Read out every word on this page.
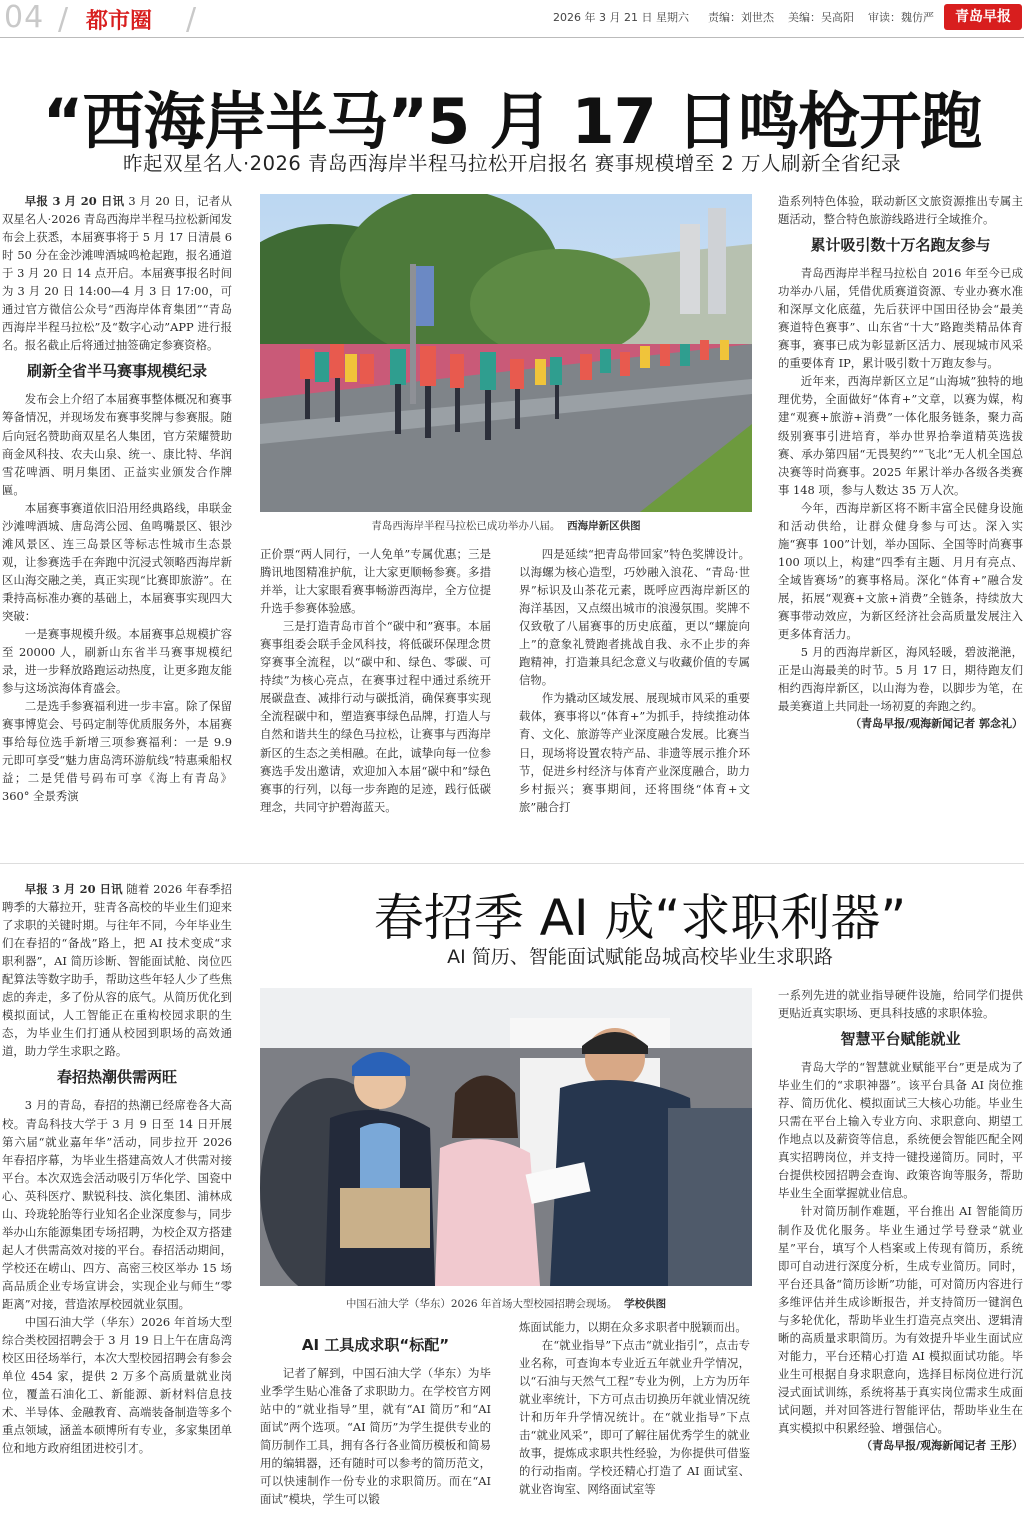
04 / 都市圈 /	2026 年 3 月 21 日 星期六 责编：刘世杰 美编：吴高阳 审读：魏仿严	青岛早报
“西海岸半马”5 月 17 日鸣枪开跑
昨起双星名人·2026 青岛西海岸半程马拉松开启报名 赛事规模增至 2 万人刷新全省纪录

早报 3 月 20 日讯 3 月 20 日，记者从双星名人·2026 青岛西海岸半程马拉松新闻发布会上获悉，本届赛事将于 5 月 17 日清晨 6 时 50 分在金沙滩啤酒城鸣枪起跑，报名通道于 3 月 20 日 14 点开启。本届赛事报名时间为 3 月 20 日 14:00—4 月 3 日 17:00，可通过官方微信公众号“西海岸体育集团”“青岛西海岸半程马拉松”及“数字心动”APP 进行报名。报名截止后将通过抽签确定参赛资格。

刷新全省半马赛事规模纪录

发布会上介绍了本届赛事整体概况和赛事筹备情况，并现场发布赛事奖牌与参赛服。随后向冠名赞助商双星名人集团，官方荣耀赞助商金风科技、农夫山泉、统一、康比特、华润雪花啤酒、明月集团、正益实业颁发合作牌匾。

本届赛事赛道依旧沿用经典路线，串联金沙滩啤酒城、唐岛湾公园、鱼鸣嘴景区、银沙滩风景区、连三岛景区等标志性城市生态景观，让参赛选手在奔跑中沉浸式领略西海岸新区山海交融之美，真正实现“比赛即旅游”。在秉持高标准办赛的基础上，本届赛事实现四大突破：

一是赛事规模升级。本届赛事总规模扩容至 20000 人，刷新山东省半马赛事规模纪录，进一步释放路跑运动热度，让更多跑友能参与这场滨海体育盛会。

二是选手参赛福利进一步丰富。除了保留赛事博览会、号码定制等优质服务外，本届赛事给每位选手新增三项参赛福利：一是 9.9 元即可享受“魅力唐岛湾环游航线”特惠乘船权益；二是凭借号码布可享《海上有青岛》360° 全景秀演

青岛西海岸半程马拉松已成功举办八届。 西海岸新区供图

正价票“两人同行，一人免单”专属优惠；三是腾讯地图精准护航，让大家更顺畅参赛。多措并举，让大家眼看赛事畅游西海岸，全方位提升选手参赛体验感。

三是打造青岛市首个“碳中和”赛事。本届赛事组委会联手金风科技，将低碳环保理念贯穿赛事全流程，以“碳中和、绿色、零碳、可持续”为核心亮点，在赛事过程中通过系统开展碳盘查、减排行动与碳抵消，确保赛事实现全流程碳中和，塑造赛事绿色品牌，打造人与自然和谐共生的绿色马拉松，让赛事与西海岸新区的生态之美相融。在此，诚挚向每一位参赛选手发出邀请，欢迎加入本届“碳中和”绿色赛事的行列，以每一步奔跑的足迹，践行低碳理念，共同守护碧海蓝天。

四是延续“把青岛带回家”特色奖牌设计。以海螺为核心造型，巧妙融入浪花、“青岛·世界”标识及山茶花元素，既呼应西海岸新区的海洋基因，又点缀出城市的浪漫氛围。奖牌不仅致敬了八届赛事的历史底蕴，更以“螺旋向上”的意象礼赞跑者挑战自我、永不止步的奔跑精神，打造兼具纪念意义与收藏价值的专属信物。

作为撬动区域发展、展现城市风采的重要载体，赛事将以“体育+”为抓手，持续推动体育、文化、旅游等产业深度融合发展。比赛当日，现场将设置农特产品、非遗等展示推介环节，促进乡村经济与体育产业深度融合，助力乡村振兴；赛事期间，还将围绕“体育+文旅”融合打

造系列特色体验，联动新区文旅资源推出专属主题活动，整合特色旅游线路进行全域推介。

累计吸引数十万名跑友参与

青岛西海岸半程马拉松自 2016 年至今已成功举办八届，凭借优质赛道资源、专业办赛水准和深厚文化底蕴，先后获评中国田径协会“最美赛道特色赛事”、山东省“十大”路跑类精品体育赛事，赛事已成为彰显新区活力、展现城市风采的重要体育 IP，累计吸引数十万跑友参与。

近年来，西海岸新区立足“山海城”独特的地理优势，全面做好“体育+”文章，以赛为媒，构建“观赛+旅游+消费”一体化服务链条，聚力高级别赛事引进培育，举办世界拾拳道精英选拔赛、承办第四届“无畏契约”“飞北”无人机全国总决赛等时尚赛事。2025 年累计举办各级各类赛事 148 项，参与人数达 35 万人次。

今年，西海岸新区将不断丰富全民健身设施和活动供给，让群众健身参与可达。深入实施“赛事 100”计划，举办国际、全国等时尚赛事 100 项以上，构建“四季有主题、月月有亮点、全域皆赛场”的赛事格局。深化“体育+”融合发展，拓展“观赛+文旅+消费”全链条，持续放大赛事带动效应，为新区经济社会高质量发展注入更多体育活力。

5 月的西海岸新区，海风轻暖，碧波滟滟，正是山海最美的时节。5 月 17 日，期待跑友们相约西海岸新区，以山海为卷，以脚步为笔，在最美赛道上共同赴一场初夏的奔跑之约。

（青岛早报/观海新闻记者 郭念礼）

春招季 AI 成“求职利器”
AI 简历、智能面试赋能岛城高校毕业生求职路

早报 3 月 20 日讯 随着 2026 年春季招聘季的大幕拉开，驻青各高校的毕业生们迎来了求职的关键时期。与往年不同，今年毕业生们在春招的“备战”路上，把 AI 技术变成“求职利器”，AI 简历诊断、智能面试舱、岗位匹配算法等数字助手，帮助这些年轻人少了些焦虑的奔走，多了份从容的底气。从简历优化到模拟面试，人工智能正在重构校园求职的生态，为毕业生们打通从校园到职场的高效通道，助力学生求职之路。

春招热潮供需两旺

3 月的青岛，春招的热潮已经席卷各大高校。青岛科技大学于 3 月 9 日至 14 日开展第六届“就业嘉年华”活动，同步拉开 2026 年春招序幕，为毕业生搭建高效人才供需对接平台。本次双选会活动吸引万华化学、国瓷中心、英科医疗、默锐科技、滨化集团、浦林成山、玲珑轮胎等行业知名企业深度参与，同步举办山东能源集团专场招聘，为校企双方搭建起人才供需高效对接的平台。春招活动期间，学校还在崂山、四方、高密三校区举办 15 场高品质企业专场宣讲会，实现企业与师生“零距离”对接，营造浓厚校园就业氛围。

中国石油大学（华东）2026 年首场大型综合类校园招聘会于 3 月 19 日上午在唐岛湾校区田径场举行，本次大型校园招聘会有参会单位 454 家，提供 2 万多个高质量就业岗位，覆盖石油化工、新能源、新材料信息技术、半导体、金融教育、高端装备制造等多个重点领域，涵盖本硕博所有专业，多家集团单位和地方政府组团进校引才。

中国石油大学（华东）2026 年首场大型校园招聘会现场。 学校供图

AI 工具成求职“标配”

记者了解到，中国石油大学（华东）为毕业季学生贴心准备了求职助力。在学校官方网站中的“就业指导”里，就有“AI 简历”和“AI 面试”两个选项。“AI 简历”为学生提供专业的简历制作工具，拥有各行各业简历模板和简易用的编辑器，还有随时可以参考的简历范文，可以快速制作一份专业的求职简历。而在“AI 面试”模块，学生可以锻

炼面试能力，以期在众多求职者中脱颖而出。

在“就业指导”下点击“就业指引”，点击专业名称，可查询本专业近五年就业升学情况，以“石油与天然气工程”专业为例，上方为历年就业率统计，下方可点击切换历年就业情况统计和历年升学情况统计。在“就业指导”下点击“就业风采”，即可了解往届优秀学生的就业故事，提炼成求职共性经验，为你提供可借鉴的行动指南。学校还精心打造了 AI 面试室、就业咨询室、网络面试室等

一系列先进的就业指导硬件设施，给同学们提供更贴近真实职场、更具科技感的求职体验。

智慧平台赋能就业

青岛大学的“智慧就业赋能平台”更是成为了毕业生们的“求职神器”。该平台具备 AI 岗位推荐、简历优化、模拟面试三大核心功能。毕业生只需在平台上输入专业方向、求职意向、期望工作地点以及薪资等信息，系统便会智能匹配全网真实招聘岗位，并支持一键投递简历。同时，平台提供校园招聘会查询、政策咨询等服务，帮助毕业生全面掌握就业信息。

针对简历制作难题，平台推出 AI 智能简历制作及优化服务。毕业生通过学号登录“就业星”平台，填写个人档案或上传现有简历，系统即可自动进行深度分析，生成专业简历。同时，平台还具备“简历诊断”功能，可对简历内容进行多维评估并生成诊断报告，并支持简历一键润色与多轮优化，帮助毕业生打造亮点突出、逻辑清晰的高质量求职简历。为有效提升毕业生面试应对能力，平台还精心打造 AI 模拟面试功能。毕业生可根据自身求职意向，选择目标岗位进行沉浸式面试训练，系统将基于真实岗位需求生成面试问题，并对回答进行智能评估，帮助毕业生在真实模拟中积累经验、增强信心。

（青岛早报/观海新闻记者 王彤）
